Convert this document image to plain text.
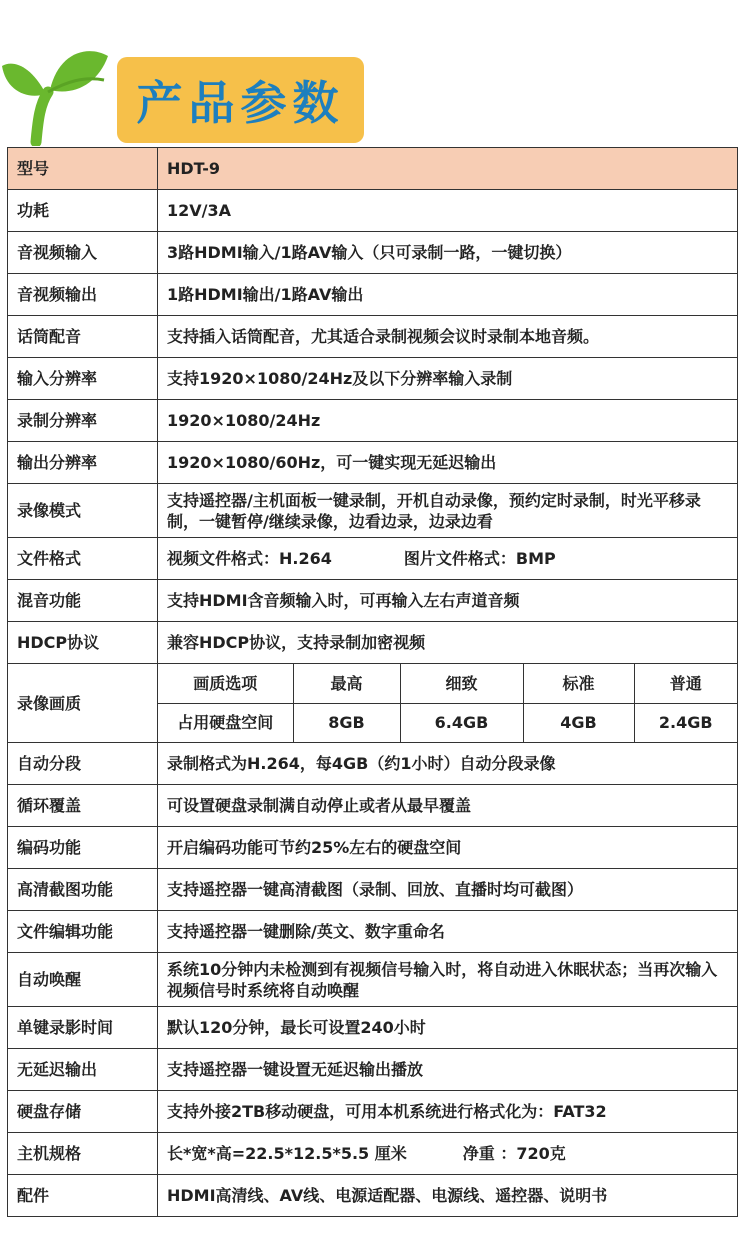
产品参数
型号	HDT-9
功耗	12V/3A
音视频输入	3路HDMI输入/1路AV输入（只可录制一路，一键切换）
音视频输出	1路HDMI输出/1路AV输出
话筒配音	支持插入话筒配音，尤其适合录制视频会议时录制本地音频。
输入分辨率	支持1920×1080/24Hz及以下分辨率输入录制
录制分辨率	1920×1080/24Hz
输出分辨率	1920×1080/60Hz，可一键实现无延迟输出
录像模式	支持遥控器/主机面板一键录制，开机自动录像，预约定时录制，时光平移录制，一键暂停/继续录像，边看边录，边录边看
文件格式	视频文件格式：H.264	图片文件格式：BMP
混音功能	支持HDMI含音频输入时，可再输入左右声道音频
HDCP协议	兼容HDCP协议，支持录制加密视频
录像画质	
画质选项	最高	细致	标准	普通
占用硬盘空间	8GB	6.4GB	4GB	2.4GB

自动分段	录制格式为H.264，每4GB（约1小时）自动分段录像
循环覆盖	可设置硬盘录制满自动停止或者从最早覆盖
编码功能	开启编码功能可节约25%左右的硬盘空间
高清截图功能	支持遥控器一键高清截图（录制、回放、直播时均可截图）
文件编辑功能	支持遥控器一键删除/英文、数字重命名
自动唤醒	系统10分钟内未检测到有视频信号输入时，将自动进入休眠状态；当再次输入视频信号时系统将自动唤醒
单键录影时间	默认120分钟，最长可设置240小时
无延迟输出	支持遥控器一键设置无延迟输出播放
硬盘存储	支持外接2TB移动硬盘，可用本机系统进行格式化为：FAT32
主机规格	长*宽*高=22.5*12.5*5.5 厘米	净重 ：720克
配件	HDMI高清线、AV线、电源适配器、电源线、遥控器、说明书
